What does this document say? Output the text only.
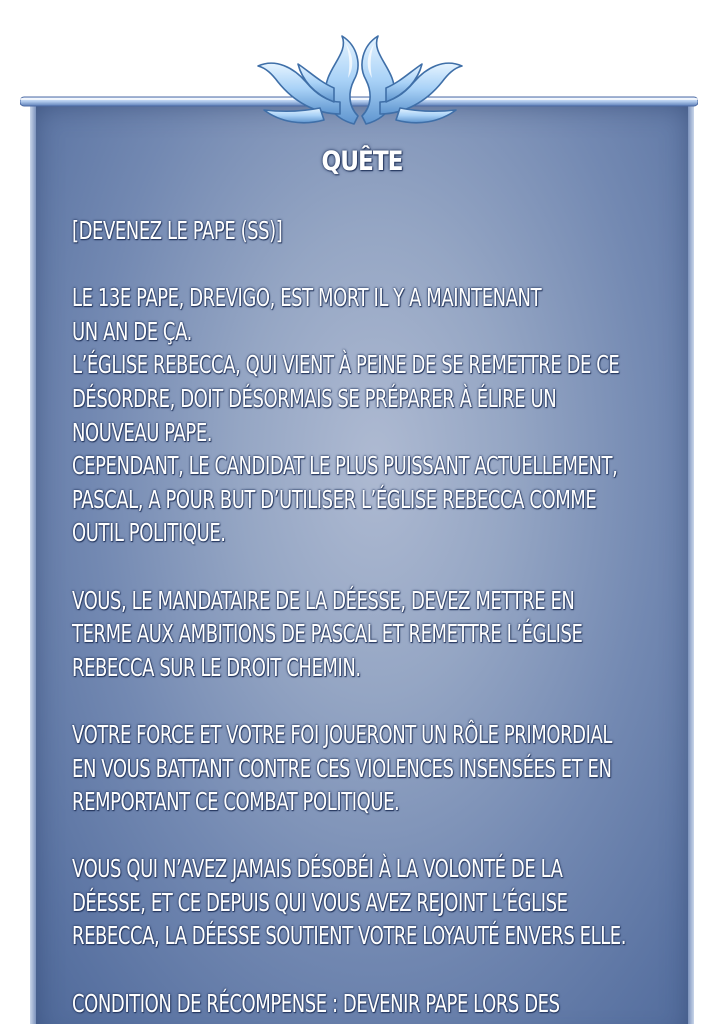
QUÊTE
[DEVENEZ LE PAPE (SS)]
LE 13E PAPE, DREVIGO, EST MORT IL Y A MAINTENANT
UN AN DE ÇA.
L’ÉGLISE REBECCA, QUI VIENT À PEINE DE SE REMETTRE DE CE
DÉSORDRE, DOIT DÉSORMAIS SE PRÉPARER À ÉLIRE UN
NOUVEAU PAPE.
CEPENDANT, LE CANDIDAT LE PLUS PUISSANT ACTUELLEMENT,
PASCAL, A POUR BUT D’UTILISER L’ÉGLISE REBECCA COMME
OUTIL POLITIQUE.
VOUS, LE MANDATAIRE DE LA DÉESSE, DEVEZ METTRE EN
TERME AUX AMBITIONS DE PASCAL ET REMETTRE L’ÉGLISE
REBECCA SUR LE DROIT CHEMIN.
VOTRE FORCE ET VOTRE FOI JOUERONT UN RÔLE PRIMORDIAL
EN VOUS BATTANT CONTRE CES VIOLENCES INSENSÉES ET EN
REMPORTANT CE COMBAT POLITIQUE.
VOUS QUI N’AVEZ JAMAIS DÉSOBÉI À LA VOLONTÉ DE LA
DÉESSE, ET CE DEPUIS QUI VOUS AVEZ REJOINT L’ÉGLISE
REBECCA, LA DÉESSE SOUTIENT VOTRE LOYAUTÉ ENVERS ELLE.
CONDITION DE RÉCOMPENSE : DEVENIR PAPE LORS DES
